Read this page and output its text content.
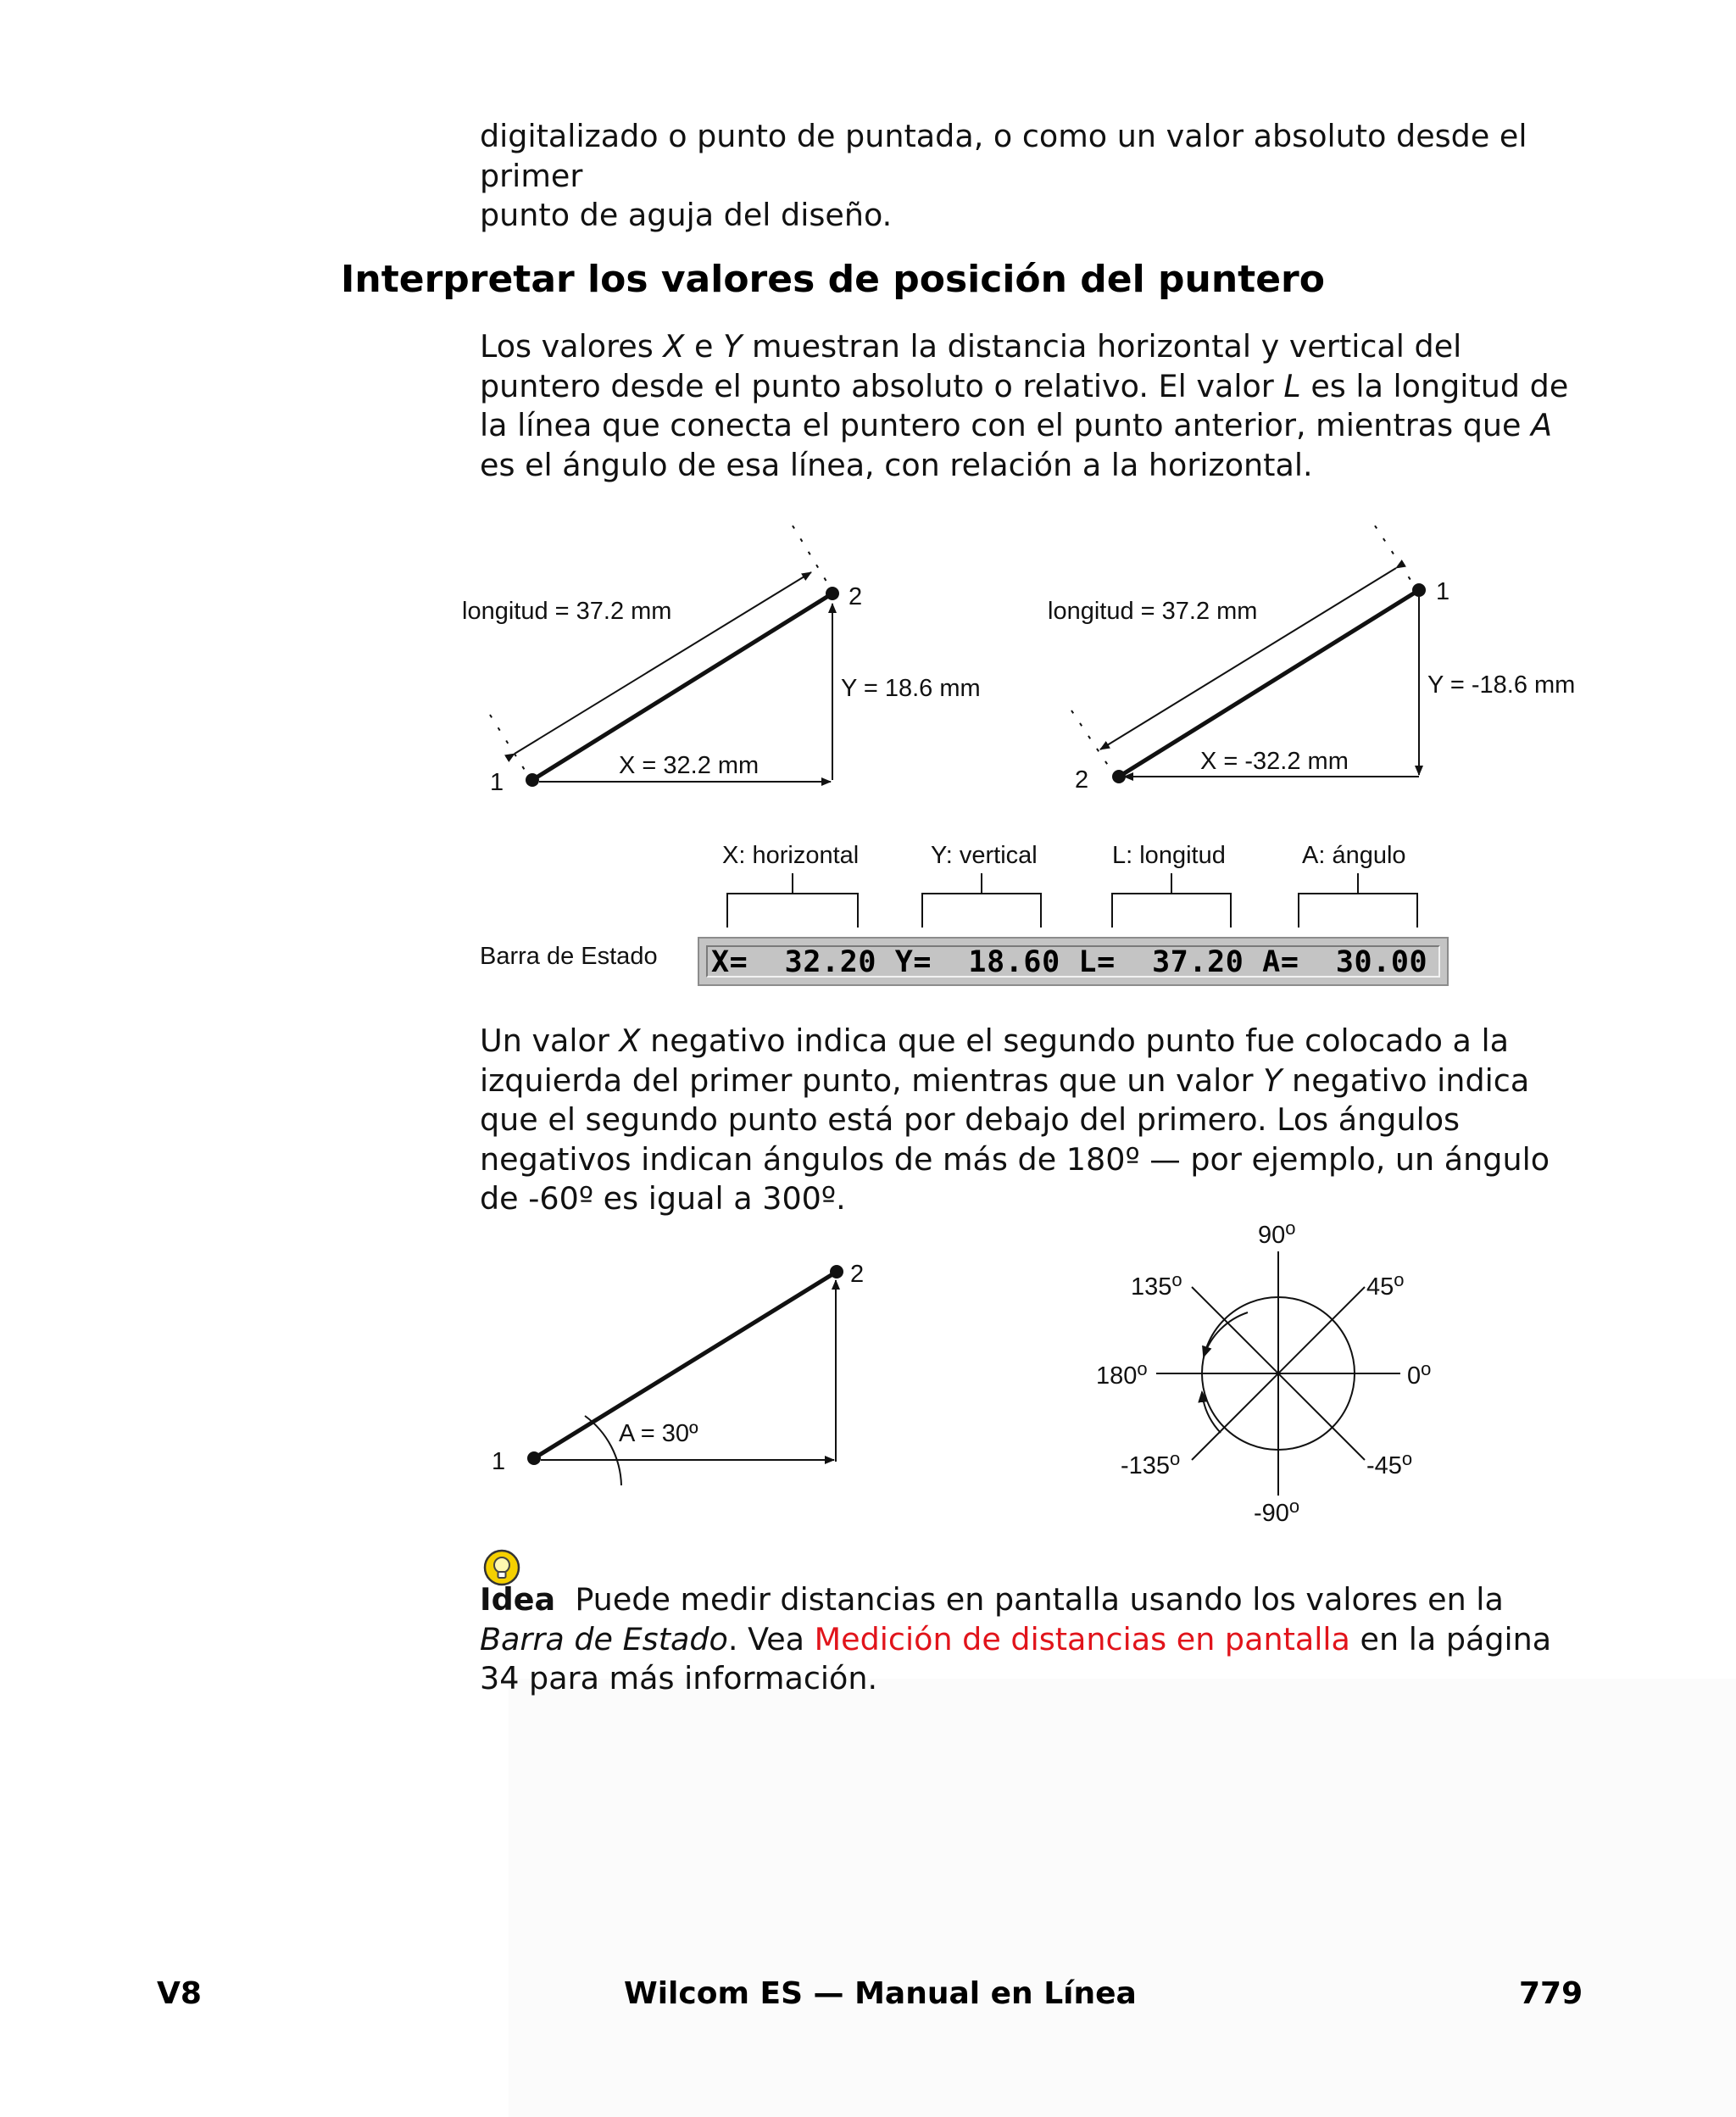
digitalizado o punto de puntada, o como un valor absoluto desde el primer
punto de aguja del diseño.
Interpretar los valores de posición del puntero

Los valores X e Y muestran la distancia horizontal y vertical del puntero desde el punto absoluto o relativo. El valor L es la longitud de la línea que conecta el puntero con el punto anterior, mientras que A es el ángulo de esa línea, con relación a la horizontal.

longitud = 37.2 mm
Y = 18.6 mm
X = 32.2 mm
1
2
longitud = 37.2 mm
Y = -18.6 mm
X = -32.2 mm
1
2
X: horizontal	Y: vertical	L: longitud	A: ángulo
Barra de Estado
1
2
A = 30º
90$^o$
45$^o$
135$^o$
180$^o$	0$^o$
-135$^o$	-45$^o$
-90$^o$
X=  32.20 Y=  18.60 L=  37.20 A=  30.00

Un valor X negativo indica que el segundo punto fue colocado a la izquierda del primer punto, mientras que un valor Y negativo indica que el segundo punto está por debajo del primero. Los ángulos negativos indican ángulos de más de 180º — por ejemplo, un ángulo de -60º es igual a 300º.

Idea Puede medir distancias en pantalla usando los valores en la Barra de Estado. Vea Medición de distancias en pantalla en la página 34 para más información.

V8	Wilcom ES — Manual en Línea	779
